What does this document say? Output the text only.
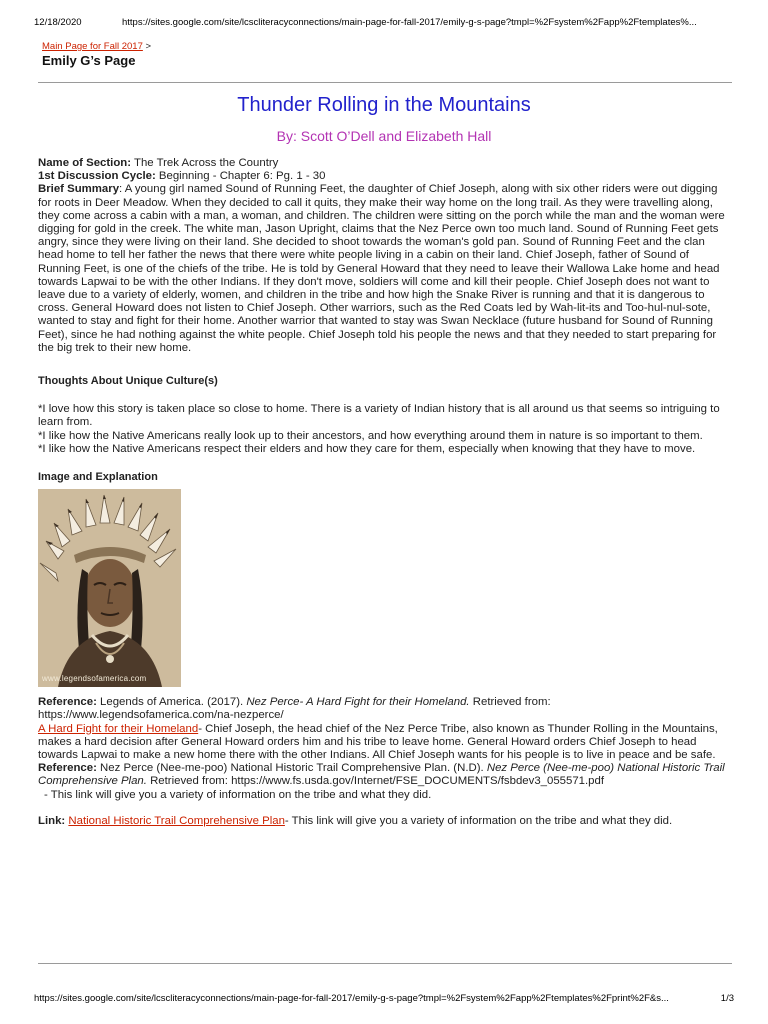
12/18/2020	https://sites.google.com/site/lcscliteracyconnections/main-page-for-fall-2017/emily-g-s-page?tmpl=%2Fsystem%2Fapp%2Ftemplates%...
Main Page for Fall 2017 >
Emily G’s Page
Thunder Rolling in the Mountains
By: Scott O’Dell and Elizabeth Hall

Name of Section: The Trek Across the Country
1st Discussion Cycle: Beginning - Chapter 6: Pg. 1 - 30

Brief Summary: A young girl named Sound of Running Feet, the daughter of Chief Joseph, along with six other riders were out digging for roots in Deer Meadow. When they decided to call it quits, they make their way home on the long trail. As they were travelling along, they come across a cabin with a man, a woman, and children. The children were sitting on the porch while the man and the woman were digging for gold in the creek. The white man, Jason Upright, claims that the Nez Perce own too much land. Sound of Running Feet gets angry, since they were living on their land. She decided to shoot towards the woman's gold pan. Sound of Running Feet and the clan head home to tell her father the news that there were white people living in a cabin on their land. Chief Joseph, father of Sound of Running Feet, is one of the chiefs of the tribe. He is told by General Howard that they need to leave their Wallowa Lake home and head towards Lapwai to be with the other Indians. If they don't move, soldiers will come and kill their people. Chief Joseph does not want to leave due to a variety of elderly, women, and children in the tribe and how high the Snake River is running and that it is dangerous to cross. General Howard does not listen to Chief Joseph. Other warriors, such as the Red Coats led by Wah-lit-its and Too-hul-nul-sote, wanted to stay and fight for their home. Another warrior that wanted to stay was Swan Necklace (future husband for Sound of Running Feet), since he had nothing against the white people. Chief Joseph told his people the news and that they needed to start preparing for the big trek to their new home.

Thoughts About Unique Culture(s)

*I love how this story is taken place so close to home. There is a variety of Indian history that is all around us that seems so intriguing to learn from.

*I like how the Native Americans really look up to their ancestors, and how everything around them in nature is so important to them.

*I like how the Native Americans respect their elders and how they care for them, especially when knowing that they have to move.

Image and Explanation

www.legendsofamerica.com

Reference: Legends of America. (2017). Nez Perce- A Hard Fight for their Homeland. Retrieved from: https://www.legendsofamerica.com/na-nezperce/

A Hard Fight for their Homeland- Chief Joseph, the head chief of the Nez Perce Tribe, also known as Thunder Rolling in the Mountains, makes a hard decision after General Howard orders him and his tribe to leave home. General Howard orders Chief Joseph to head towards Lapwai to make a new home there with the other Indians. All Chief Joseph wants for his people is to live in peace and be safe.

Reference: Nez Perce (Nee-me-poo) National Historic Trail Comprehensive Plan. (N.D). Nez Perce (Nee-me-poo) National Historic Trail Comprehensive Plan. Retrieved from: https://www.fs.usda.gov/Internet/FSE_DOCUMENTS/fsbdev3_055571.pdf

- This link will give you a variety of information on the tribe and what they did.

Link: National Historic Trail Comprehensive Plan- This link will give you a variety of information on the tribe and what they did.

https://sites.google.com/site/lcscliteracyconnections/main-page-for-fall-2017/emily-g-s-page?tmpl=%2Fsystem%2Fapp%2Ftemplates%2Fprint%2F&s...	1/3
